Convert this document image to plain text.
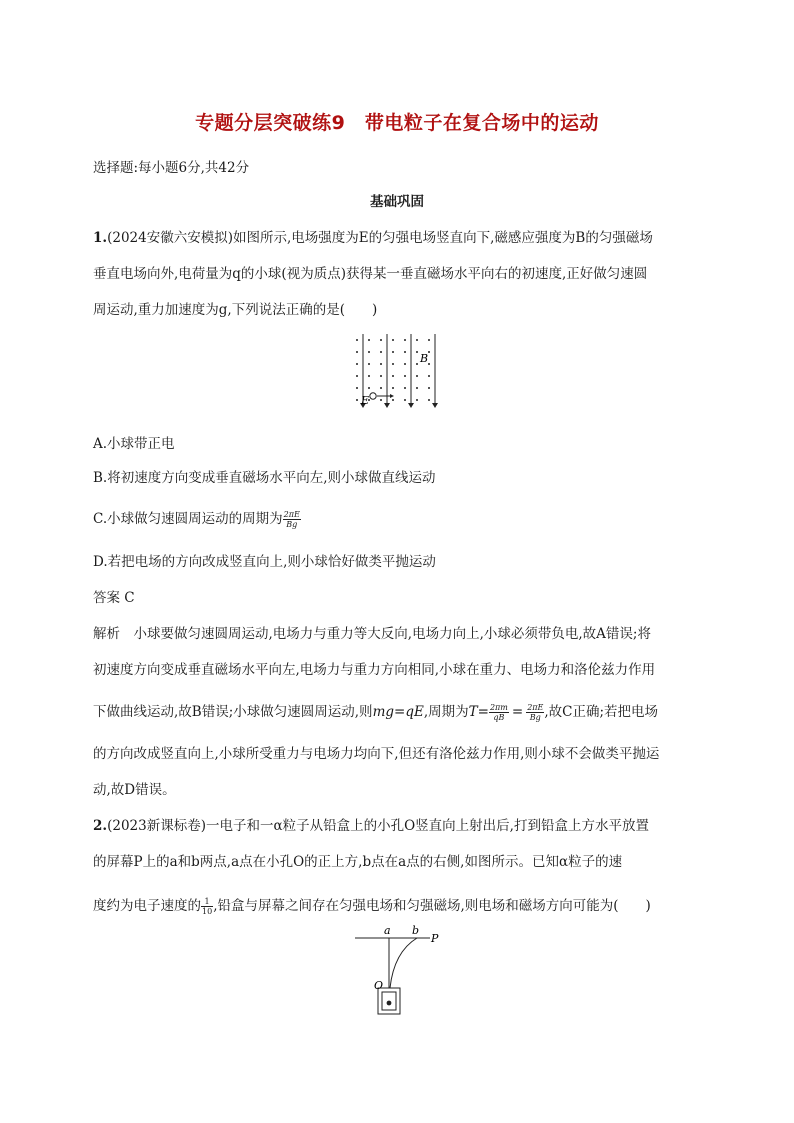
专题分层突破练9　带电粒子在复合场中的运动
选择题:每小题6分,共42分
基础巩固
1.(2024安徽六安模拟)如图所示,电场强度为E的匀强电场竖直向下,磁感应强度为B的匀强磁场
垂直电场向外,电荷量为q的小球(视为质点)获得某一垂直磁场水平向右的初速度,正好做匀速圆
周运动,重力加速度为g,下列说法正确的是(　　)
B
E
A.小球带正电
B.将初速度方向变成垂直磁场水平向左,则小球做直线运动
C.小球做匀速圆周运动的周期为 $\frac{2\pi E}{Bg}$
D.若把电场的方向改成竖直向上,则小球恰好做类平抛运动
答案 C
解析　小球要做匀速圆周运动,电场力与重力等大反向,电场力向上,小球必须带负电,故A错误;将
初速度方向变成垂直磁场水平向左,电场力与重力方向相同,小球在重力、电场力和洛伦兹力作用
下做曲线运动,故B错误;小球做匀速圆周运动,则mg=qE,周期为$T= \frac{2\pi m}{qB} = \frac{2\pi E}{Bg}$ ,故C正确;若把电场
的方向改成竖直向上,小球所受重力与电场力均向下,但还有洛伦兹力作用,则小球不会做类平抛运
动,故D错误。
2.(2023新课标卷)一电子和一α粒子从铅盒上的小孔O竖直向上射出后,打到铅盒上方水平放置
的屏幕P上的a和b两点,a点在小孔O的正上方,b点在a点的右侧,如图所示。已知α粒子的速
度约为电子速度的 $\frac{1}{10}$ ,铅盒与屏幕之间存在匀强电场和匀强磁场,则电场和磁场方向可能为(　　)
a b
P
O
